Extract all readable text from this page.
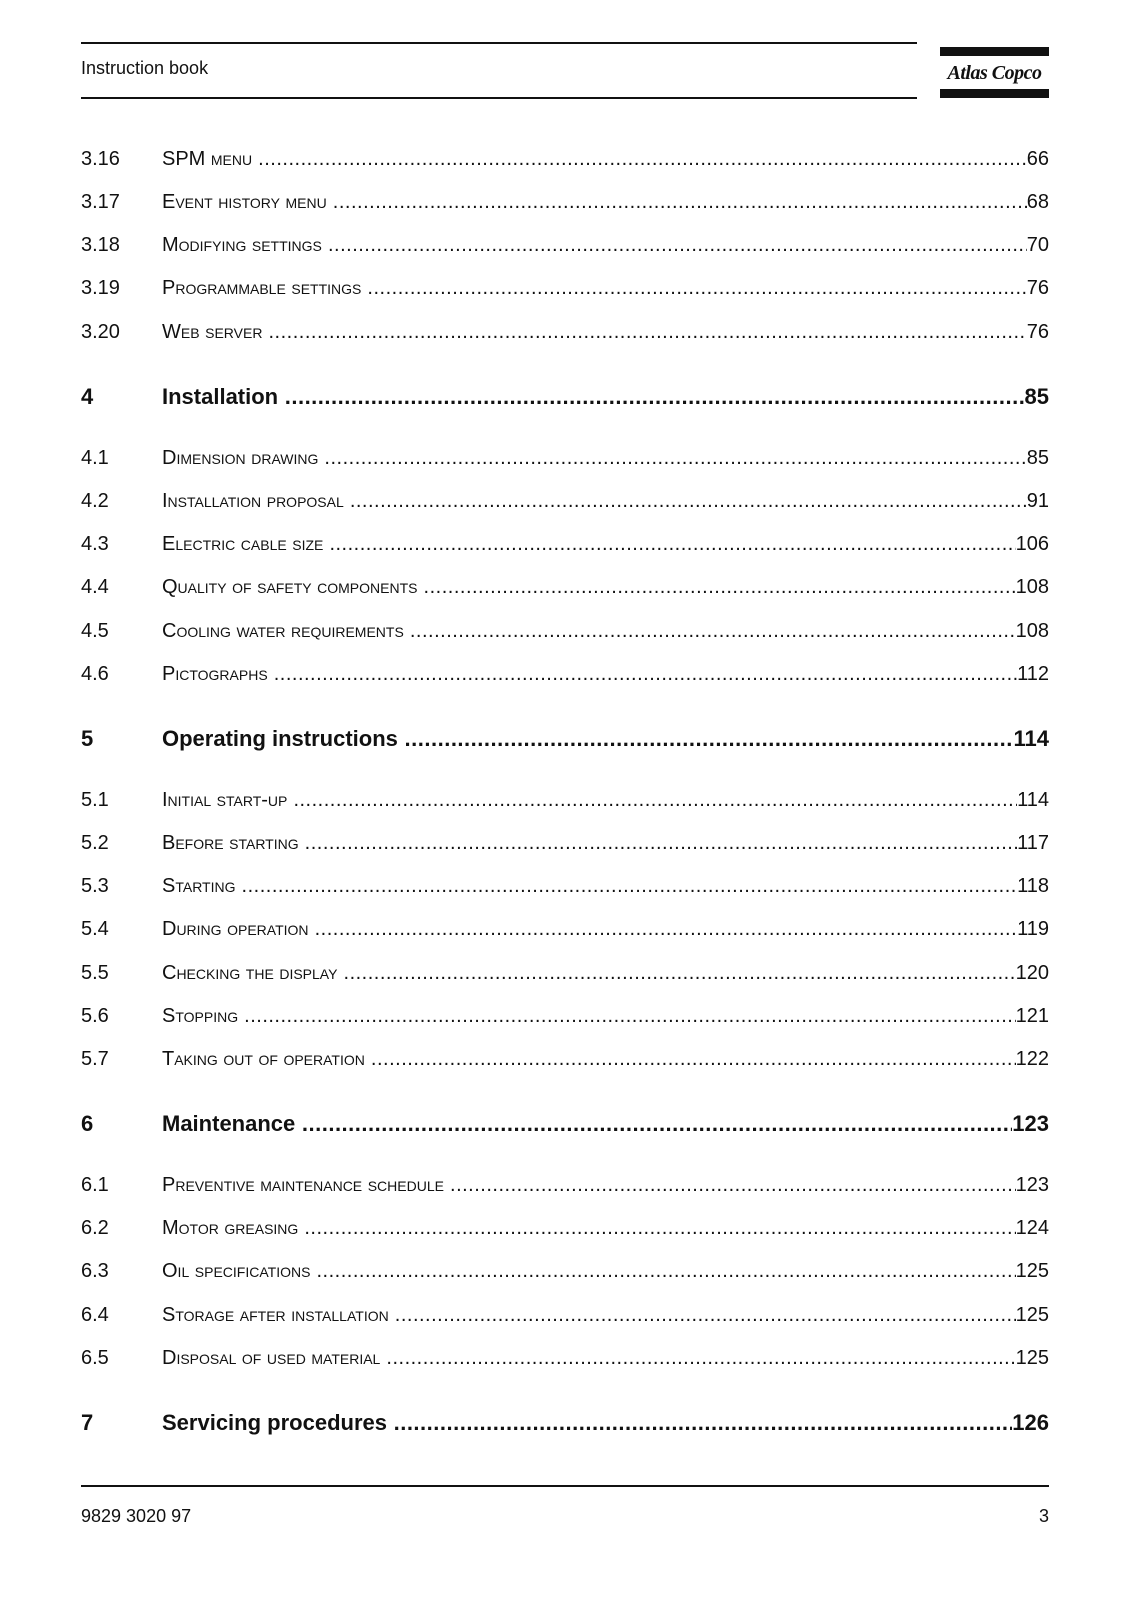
Instruction book	Atlas Copco
3.16	SPM menu .....	66
3.17	Event history menu .....	68
3.18	Modifying settings .....	70
3.19	Programmable settings .....	76
3.20	Web server .....	76
4	Installation .....	85
4.1	Dimension drawing .....	85
4.2	Installation proposal .....	91
4.3	Electric cable size .....	106
4.4	Quality of safety components .....	108
4.5	Cooling water requirements .....	108
4.6	Pictographs .....	112
5	Operating instructions .....	114
5.1	Initial start-up .....	114
5.2	Before starting .....	117
5.3	Starting .....	118
5.4	During operation .....	119
5.5	Checking the display .....	120
5.6	Stopping .....	121
5.7	Taking out of operation .....	122
6	Maintenance .....	123
6.1	Preventive maintenance schedule .....	123
6.2	Motor greasing .....	124
6.3	Oil specifications .....	125
6.4	Storage after installation .....	125
6.5	Disposal of used material .....	125
7	Servicing procedures .....	126
9829 3020 97	3
